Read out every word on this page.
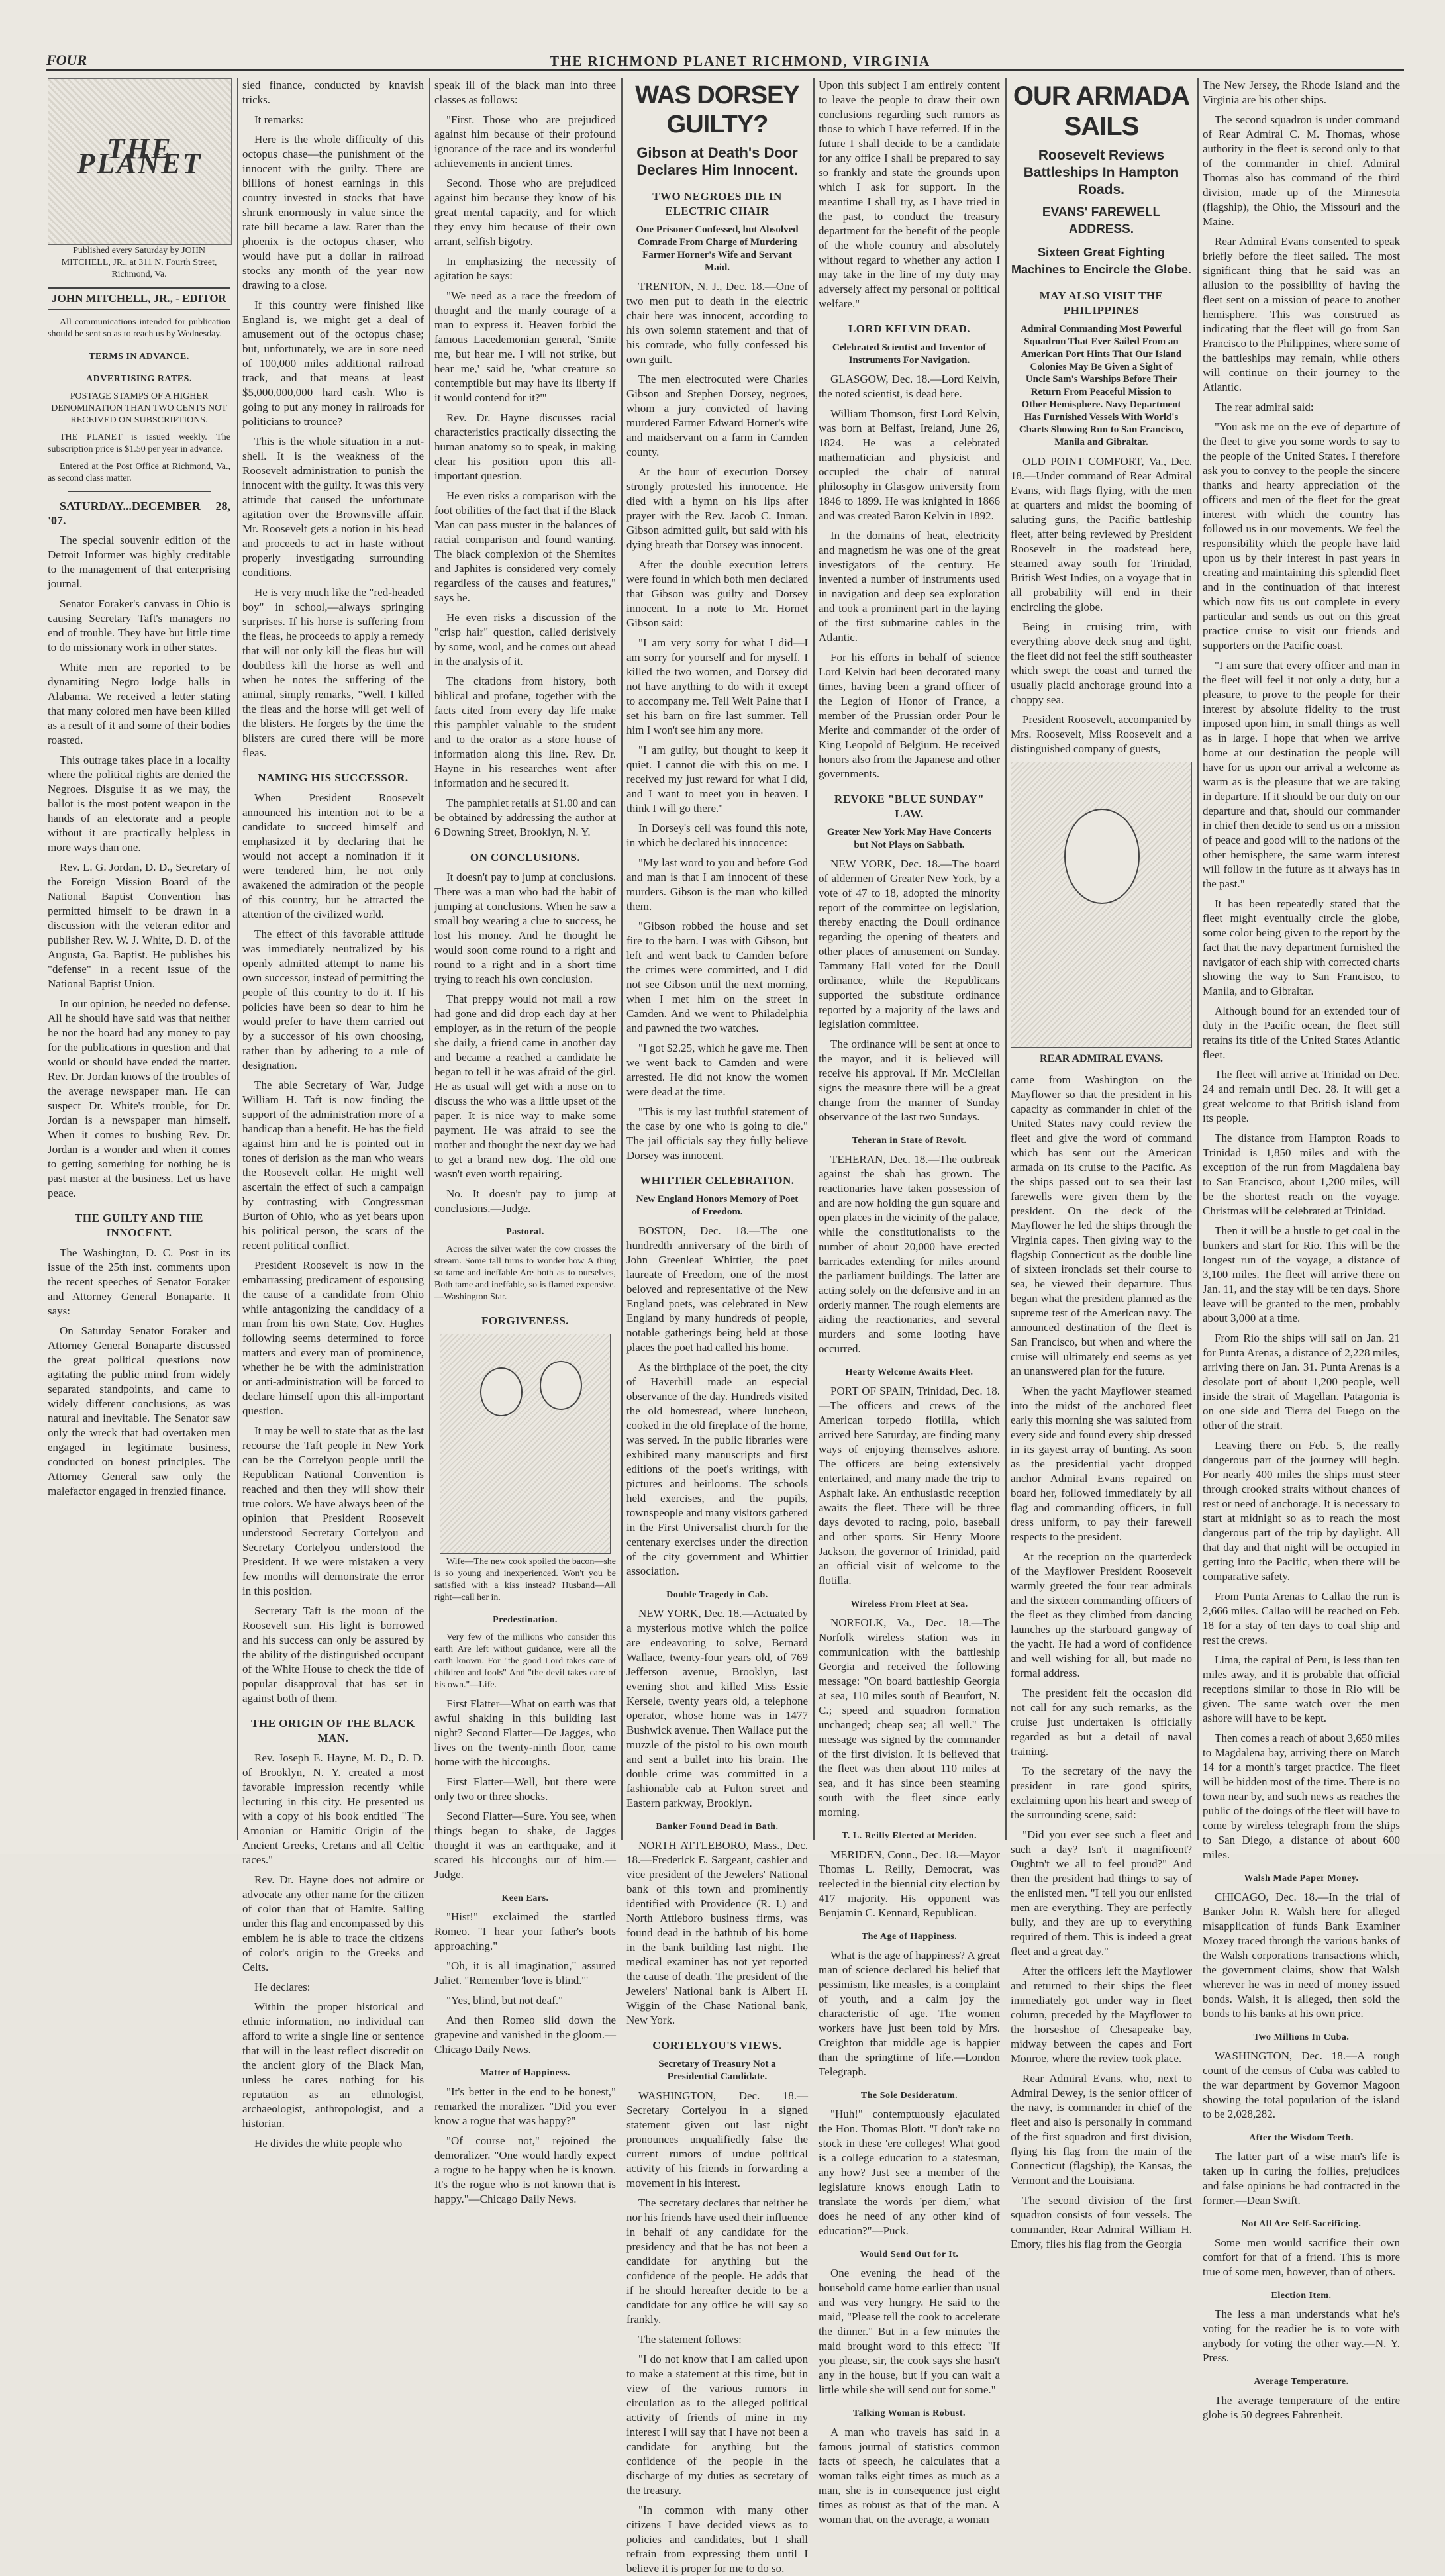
FOUR	THE RICHMOND PLANET RICHMOND, VIRGINIA
THE PLANET

Published every Saturday by JOHN MITCHELL, JR., at 311 N. Fourth Street, Richmond, Va.

JOHN MITCHELL, JR., - EDITOR

All communications intended for publication should be sent so as to reach us by Wednesday.

TERMS IN ADVANCE.
ADVERTISING RATES.

POSTAGE STAMPS OF A HIGHER DENOMINATION THAN TWO CENTS NOT RECEIVED ON SUBSCRIPTIONS.

THE PLANET is issued weekly. The subscription price is $1.50 per year in advance.

Entered at the Post Office at Richmond, Va., as second class matter.

SATURDAY...DECEMBER 28, '07.

The special souvenir edition of the Detroit Informer was highly creditable to the management of that enterprising journal.

Senator Foraker's canvass in Ohio is causing Secretary Taft's managers no end of trouble. They have but little time to do missionary work in other states.

White men are reported to be dynamiting Negro lodge halls in Alabama. We received a letter stating that many colored men have been killed as a result of it and some of their bodies roasted.

This outrage takes place in a locality where the political rights are denied the Negroes. Disguise it as we may, the ballot is the most potent weapon in the hands of an electorate and a people without it are practically helpless in more ways than one.

Rev. L. G. Jordan, D. D., Secretary of the Foreign Mission Board of the National Baptist Convention has permitted himself to be drawn in a discussion with the veteran editor and publisher Rev. W. J. White, D. D. of the Augusta, Ga. Baptist. He publishes his "defense" in a recent issue of the National Baptist Union.

In our opinion, he needed no defense. All he should have said was that neither he nor the board had any money to pay for the publications in question and that would or should have ended the matter. Rev. Dr. Jordan knows of the troubles of the average newspaper man. He can suspect Dr. White's trouble, for Dr. Jordan is a newspaper man himself. When it comes to bushing Rev. Dr. Jordan is a wonder and when it comes to getting something for nothing he is past master at the business. Let us have peace.

THE GUILTY AND THE INNOCENT.

The Washington, D. C. Post in its issue of the 25th inst. comments upon the recent speeches of Senator Foraker and Attorney General Bonaparte. It says:

On Saturday Senator Foraker and Attorney General Bonaparte discussed the great political questions now agitating the public mind from widely separated standpoints, and came to widely different conclusions, as was natural and inevitable. The Senator saw only the wreck that had overtaken men engaged in legitimate business, conducted on honest principles. The Attorney General saw only the malefactor engaged in frenzied finance.

sied finance, conducted by knavish tricks.

It remarks:

Here is the whole difficulty of this octopus chase—the punishment of the innocent with the guilty. There are billions of honest earnings in this country invested in stocks that have shrunk enormously in value since the rate bill became a law. Rarer than the phoenix is the octopus chaser, who would have put a dollar in railroad stocks any month of the year now drawing to a close.

If this country were finished like England is, we might get a deal of amusement out of the octopus chase; but, unfortunately, we are in sore need of 100,000 miles additional railroad track, and that means at least $5,000,000,000 hard cash. Who is going to put any money in railroads for politicians to trounce?

This is the whole situation in a nut-shell. It is the weakness of the Roosevelt administration to punish the innocent with the guilty. It was this very attitude that caused the unfortunate agitation over the Brownsville affair. Mr. Roosevelt gets a notion in his head and proceeds to act in haste without properly investigating surrounding conditions.

He is very much like the "red-headed boy" in school,—always springing surprises. If his horse is suffering from the fleas, he proceeds to apply a remedy that will not only kill the fleas but will doubtless kill the horse as well and when he notes the suffering of the animal, simply remarks, "Well, I killed the fleas and the horse will get well of the blisters. He forgets by the time the blisters are cured there will be more fleas.

NAMING HIS SUCCESSOR.

When President Roosevelt announced his intention not to be a candidate to succeed himself and emphasized it by declaring that he would not accept a nomination if it were tendered him, he not only awakened the admiration of the people of this country, but he attracted the attention of the civilized world.

The effect of this favorable attitude was immediately neutralized by his openly admitted attempt to name his own successor, instead of permitting the people of this country to do it. If his policies have been so dear to him he would prefer to have them carried out by a successor of his own choosing, rather than by adhering to a rule of designation.

The able Secretary of War, Judge William H. Taft is now finding the support of the administration more of a handicap than a benefit. He has the field against him and he is pointed out in tones of derision as the man who wears the Roosevelt collar. He might well ascertain the effect of such a campaign by contrasting with Congressman Burton of Ohio, who as yet bears upon his political person, the scars of the recent political conflict.

President Roosevelt is now in the embarrassing predicament of espousing the cause of a candidate from Ohio while antagonizing the candidacy of a man from his own State, Gov. Hughes following seems determined to force matters and every man of prominence, whether he be with the administration or anti-administration will be forced to declare himself upon this all-important question.

It may be well to state that as the last recourse the Taft people in New York can be the Cortelyou people until the Republican National Convention is reached and then they will show their true colors. We have always been of the opinion that President Roosevelt understood Secretary Cortelyou and Secretary Cortelyou understood the President. If we were mistaken a very few months will demonstrate the error in this position.

Secretary Taft is the moon of the Roosevelt sun. His light is borrowed and his success can only be assured by the ability of the distinguished occupant of the White House to check the tide of popular disapproval that has set in against both of them.

THE ORIGIN OF THE BLACK MAN.

Rev. Joseph E. Hayne, M. D., D. D. of Brooklyn, N. Y. created a most favorable impression recently while lecturing in this city. He presented us with a copy of his book entitled "The Amonian or Hamitic Origin of the Ancient Greeks, Cretans and all Celtic races."

Rev. Dr. Hayne does not admire or advocate any other name for the citizen of color than that of Hamite. Sailing under this flag and encompassed by this emblem he is able to trace the citizens of color's origin to the Greeks and Celts.

He declares:

Within the proper historical and ethnic information, no individual can afford to write a single line or sentence that will in the least reflect discredit on the ancient glory of the Black Man, unless he cares nothing for his reputation as an ethnologist, archaeologist, anthropologist, and a historian.

He divides the white people who

speak ill of the black man into three classes as follows:

"First. Those who are prejudiced against him because of their profound ignorance of the race and its wonderful achievements in ancient times.

Second. Those who are prejudiced against him because they know of his great mental capacity, and for which they envy him because of their own arrant, selfish bigotry.

In emphasizing the necessity of agitation he says:

"We need as a race the freedom of thought and the manly courage of a man to express it. Heaven forbid the famous Lacedemonian general, 'Smite me, but hear me. I will not strike, but hear me,' said he, 'what creature so contemptible but may have its liberty if it would contend for it?'"

Rev. Dr. Hayne discusses racial characteristics practically dissecting the human anatomy so to speak, in making clear his position upon this all-important question.

He even risks a comparison with the foot obilities of the fact that if the Black Man can pass muster in the balances of racial comparison and found wanting. The black complexion of the Shemites and Japhites is considered very comely regardless of the causes and features," says he.

He even risks a discussion of the "crisp hair" question, called derisively by some, wool, and he comes out ahead in the analysis of it.

The citations from history, both biblical and profane, together with the facts cited from every day life make this pamphlet valuable to the student and to the orator as a store house of information along this line. Rev. Dr. Hayne in his researches went after information and he secured it.

The pamphlet retails at $1.00 and can be obtained by addressing the author at 6 Downing Street, Brooklyn, N. Y.

ON CONCLUSIONS.

It doesn't pay to jump at conclusions. There was a man who had the habit of jumping at conclusions. When he saw a small boy wearing a clue to success, he lost his money. And he thought he would soon come round to a right and round to a right and in a short time trying to reach his own conclusion.

That preppy would not mail a row had gone and did drop each day at her employer, as in the return of the people she daily, a friend came in another day and became a reached a candidate he began to tell it he was afraid of the girl. He as usual will get with a nose on to discuss the who was a little upset of the paper. It is nice way to make some payment. He was afraid to see the mother and thought the next day we had to get a brand new dog. The old one wasn't even worth repairing.

No. It doesn't pay to jump at conclusions.—Judge.

Pastoral.

Across the silver water the cow crosses the stream. Some tall turns to wonder how A thing so tame and ineffable Are both as to ourselves, Both tame and ineffable, so is flamed expensive. —Washington Star.

FORGIVENESS.

Wife—The new cook spoiled the bacon—she is so young and inexperienced. Won't you be satisfied with a kiss instead? Husband—All right—call her in.

Predestination.

Very few of the millions who consider this earth Are left without guidance, were all the earth known. For "the good Lord takes care of children and fools" And "the devil takes care of his own."—Life.

First Flatter—What on earth was that awful shaking in this building last night? Second Flatter—De Jagges, who lives on the twenty-ninth floor, came home with the hiccoughs.

First Flatter—Well, but there were only two or three shocks.

Second Flatter—Sure. You see, when things began to shake, de Jagges thought it was an earthquake, and it scared his hiccoughs out of him.—Judge.

Keen Ears.

"Hist!" exclaimed the startled Romeo. "I hear your father's boots approaching."

"Oh, it is all imagination," assured Juliet. "Remember 'love is blind.'"

"Yes, blind, but not deaf."

And then Romeo slid down the grapevine and vanished in the gloom.—Chicago Daily News.

Matter of Happiness.

"It's better in the end to be honest," remarked the moralizer. "Did you ever know a rogue that was happy?"

"Of course not," rejoined the demoralizer. "One would hardly expect a rogue to be happy when he is known. It's the rogue who is not known that is happy."—Chicago Daily News.

WAS DORSEY GUILTY?
Gibson at Death's Door Declares Him Innocent.
TWO NEGROES DIE IN ELECTRIC CHAIR
One Prisoner Confessed, but Absolved Comrade From Charge of Murdering Farmer Horner's Wife and Servant Maid.

TRENTON, N. J., Dec. 18.—One of two men put to death in the electric chair here was innocent, according to his own solemn statement and that of his comrade, who fully confessed his own guilt.

The men electrocuted were Charles Gibson and Stephen Dorsey, negroes, whom a jury convicted of having murdered Farmer Edward Horner's wife and maidservant on a farm in Camden county.

At the hour of execution Dorsey strongly protested his innocence. He died with a hymn on his lips after prayer with the Rev. Jacob C. Inman. Gibson admitted guilt, but said with his dying breath that Dorsey was innocent.

After the double execution letters were found in which both men declared that Gibson was guilty and Dorsey innocent. In a note to Mr. Hornet Gibson said:

"I am very sorry for what I did—I am sorry for yourself and for myself. I killed the two women, and Dorsey did not have anything to do with it except to accompany me. Tell Welt Paine that I set his barn on fire last summer. Tell him I won't see him any more.

"I am guilty, but thought to keep it quiet. I cannot die with this on me. I received my just reward for what I did, and I want to meet you in heaven. I think I will go there."

In Dorsey's cell was found this note, in which he declared his innocence:

"My last word to you and before God and man is that I am innocent of these murders. Gibson is the man who killed them.

"Gibson robbed the house and set fire to the barn. I was with Gibson, but left and went back to Camden before the crimes were committed, and I did not see Gibson until the next morning, when I met him on the street in Camden. And we went to Philadelphia and pawned the two watches.

"I got $2.25, which he gave me. Then we went back to Camden and were arrested. He did not know the women were dead at the time.

"This is my last truthful statement of the case by one who is going to die." The jail officials say they fully believe Dorsey was innocent.

WHITTIER CELEBRATION.
New England Honors Memory of Poet of Freedom.

BOSTON, Dec. 18.—The one hundredth anniversary of the birth of John Greenleaf Whittier, the poet laureate of Freedom, one of the most beloved and representative of the New England poets, was celebrated in New England by many hundreds of people, notable gatherings being held at those places the poet had called his home.

As the birthplace of the poet, the city of Haverhill made an especial observance of the day. Hundreds visited the old homestead, where luncheon, cooked in the old fireplace of the home, was served. In the public libraries were exhibited many manuscripts and first editions of the poet's writings, with pictures and heirlooms. The schools held exercises, and the pupils, townspeople and many visitors gathered in the First Universalist church for the centenary exercises under the direction of the city government and Whittier association.

Double Tragedy in Cab.

NEW YORK, Dec. 18.—Actuated by a mysterious motive which the police are endeavoring to solve, Bernard Wallace, twenty-four years old, of 769 Jefferson avenue, Brooklyn, last evening shot and killed Miss Essie Kersele, twenty years old, a telephone operator, whose home was in 1477 Bushwick avenue. Then Wallace put the muzzle of the pistol to his own mouth and sent a bullet into his brain. The double crime was committed in a fashionable cab at Fulton street and Eastern parkway, Brooklyn.

Banker Found Dead in Bath.

NORTH ATTLEBORO, Mass., Dec. 18.—Frederick E. Sargeant, cashier and vice president of the Jewelers' National bank of this town and prominently identified with Providence (R. I.) and North Attleboro business firms, was found dead in the bathtub of his home in the bank building last night. The medical examiner has not yet reported the cause of death. The president of the Jewelers' National bank is Albert H. Wiggin of the Chase National bank, New York.

CORTELYOU'S VIEWS.
Secretary of Treasury Not a Presidential Candidate.

WASHINGTON, Dec. 18.—Secretary Cortelyou in a signed statement given out last night pronounces unqualifiedly false the current rumors of undue political activity of his friends in forwarding a movement in his interest.

The secretary declares that neither he nor his friends have used their influence in behalf of any candidate for the presidency and that he has not been a candidate for anything but the confidence of the people. He adds that if he should hereafter decide to be a candidate for any office he will say so frankly.

The statement follows:

"I do not know that I am called upon to make a statement at this time, but in view of the various rumors in circulation as to the alleged political activity of friends of mine in my interest I will say that I have not been a candidate for anything but the confidence of the people in the discharge of my duties as secretary of the treasury.

"In common with many other citizens I have decided views as to policies and candidates, but I shall refrain from expressing them until I believe it is proper for me to do so.

Upon this subject I am entirely content to leave the people to draw their own conclusions regarding such rumors as those to which I have referred. If in the future I shall decide to be a candidate for any office I shall be prepared to say so frankly and state the grounds upon which I ask for support. In the meantime I shall try, as I have tried in the past, to conduct the treasury department for the benefit of the people of the whole country and absolutely without regard to whether any action I may take in the line of my duty may adversely affect my personal or political welfare."

LORD KELVIN DEAD.
Celebrated Scientist and Inventor of Instruments For Navigation.

GLASGOW, Dec. 18.—Lord Kelvin, the noted scientist, is dead here.

William Thomson, first Lord Kelvin, was born at Belfast, Ireland, June 26, 1824. He was a celebrated mathematician and physicist and occupied the chair of natural philosophy in Glasgow university from 1846 to 1899. He was knighted in 1866 and was created Baron Kelvin in 1892.

In the domains of heat, electricity and magnetism he was one of the great investigators of the century. He invented a number of instruments used in navigation and deep sea exploration and took a prominent part in the laying of the first submarine cables in the Atlantic.

For his efforts in behalf of science Lord Kelvin had been decorated many times, having been a grand officer of the Legion of Honor of France, a member of the Prussian order Pour le Merite and commander of the order of King Leopold of Belgium. He received honors also from the Japanese and other governments.

REVOKE "BLUE SUNDAY" LAW.
Greater New York May Have Concerts but Not Plays on Sabbath.

NEW YORK, Dec. 18.—The board of aldermen of Greater New York, by a vote of 47 to 18, adopted the minority report of the committee on legislation, thereby enacting the Doull ordinance regarding the opening of theaters and other places of amusement on Sunday. Tammany Hall voted for the Doull ordinance, while the Republicans supported the substitute ordinance reported by a majority of the laws and legislation committee.

The ordinance will be sent at once to the mayor, and it is believed will receive his approval. If Mr. McClellan signs the measure there will be a great change from the manner of Sunday observance of the last two Sundays.

Teheran in State of Revolt.

TEHERAN, Dec. 18.—The outbreak against the shah has grown. The reactionaries have taken possession of and are now holding the gun square and open places in the vicinity of the palace, while the constitutionalists to the number of about 20,000 have erected barricades extending for miles around the parliament buildings. The latter are acting solely on the defensive and in an orderly manner. The rough elements are aiding the reactionaries, and several murders and some looting have occurred.

Hearty Welcome Awaits Fleet.

PORT OF SPAIN, Trinidad, Dec. 18.—The officers and crews of the American torpedo flotilla, which arrived here Saturday, are finding many ways of enjoying themselves ashore. The officers are being extensively entertained, and many made the trip to Asphalt lake. An enthusiastic reception awaits the fleet. There will be three days devoted to racing, polo, baseball and other sports. Sir Henry Moore Jackson, the governor of Trinidad, paid an official visit of welcome to the flotilla.

Wireless From Fleet at Sea.

NORFOLK, Va., Dec. 18.—The Norfolk wireless station was in communication with the battleship Georgia and received the following message: "On board battleship Georgia at sea, 110 miles south of Beaufort, N. C.; speed and squadron formation unchanged; cheap sea; all well." The message was signed by the commander of the first division. It is believed that the fleet was then about 110 miles at sea, and it has since been steaming south with the fleet since early morning.

T. L. Reilly Elected at Meriden.

MERIDEN, Conn., Dec. 18.—Mayor Thomas L. Reilly, Democrat, was reelected in the biennial city election by 417 majority. His opponent was Benjamin C. Kennard, Republican.

The Age of Happiness.

What is the age of happiness? A great man of science declared his belief that pessimism, like measles, is a complaint of youth, and a calm joy the characteristic of age. The women workers have just been told by Mrs. Creighton that middle age is happier than the springtime of life.—London Telegraph.

The Sole Desideratum.

"Huh!" contemptuously ejaculated the Hon. Thomas Blott. "I don't take no stock in these 'ere colleges! What good is a college education to a statesman, any how? Just see a member of the legislature knows enough Latin to translate the words 'per diem,' what does he need of any other kind of education?"—Puck.

Would Send Out for It.

One evening the head of the household came home earlier than usual and was very hungry. He said to the maid, "Please tell the cook to accelerate the dinner." But in a few minutes the maid brought word to this effect: "If you please, sir, the cook says she hasn't any in the house, but if you can wait a little while she will send out for some."

Talking Woman is Robust.

A man who travels has said in a famous journal of statistics common facts of speech, he calculates that a woman talks eight times as much as a man, she is in consequence just eight times as robust as that of the man. A woman that, on the average, a woman

OUR ARMADA SAILS
Roosevelt Reviews Battleships In Hampton Roads.
EVANS' FAREWELL ADDRESS.
Sixteen Great Fighting Machines to Encircle the Globe.
MAY ALSO VISIT THE PHILIPPINES
Admiral Commanding Most Powerful Squadron That Ever Sailed From an American Port Hints That Our Island Colonies May Be Given a Sight of Uncle Sam's Warships Before Their Return From Peaceful Mission to Other Hemisphere. Navy Department Has Furnished Vessels With World's Charts Showing Run to San Francisco, Manila and Gibraltar.

OLD POINT COMFORT, Va., Dec. 18.—Under command of Rear Admiral Evans, with flags flying, with the men at quarters and midst the booming of saluting guns, the Pacific battleship fleet, after being reviewed by President Roosevelt in the roadstead here, steamed away south for Trinidad, British West Indies, on a voyage that in all probability will end in their encircling the globe.

Being in cruising trim, with everything above deck snug and tight, the fleet did not feel the stiff southeaster which swept the coast and turned the usually placid anchorage ground into a choppy sea.

President Roosevelt, accompanied by Mrs. Roosevelt, Miss Roosevelt and a distinguished company of guests,

REAR ADMIRAL EVANS.

came from Washington on the Mayflower so that the president in his capacity as commander in chief of the United States navy could review the fleet and give the word of command which has sent out the American armada on its cruise to the Pacific. As the ships passed out to sea their last farewells were given them by the president. On the deck of the Mayflower he led the ships through the Virginia capes. Then giving way to the flagship Connecticut as the double line of sixteen ironclads set their course to sea, he viewed their departure. Thus began what the president planned as the supreme test of the American navy. The announced destination of the fleet is San Francisco, but when and where the cruise will ultimately end seems as yet an unanswered plan for the future.

When the yacht Mayflower steamed into the midst of the anchored fleet early this morning she was saluted from every side and found every ship dressed in its gayest array of bunting. As soon as the presidential yacht dropped anchor Admiral Evans repaired on board her, followed immediately by all flag and commanding officers, in full dress uniform, to pay their farewell respects to the president.

At the reception on the quarterdeck of the Mayflower President Roosevelt warmly greeted the four rear admirals and the sixteen commanding officers of the fleet as they climbed from dancing launches up the starboard gangway of the yacht. He had a word of confidence and well wishing for all, but made no formal address.

The president felt the occasion did not call for any such remarks, as the cruise just undertaken is officially regarded as but a detail of naval training.

To the secretary of the navy the president in rare good spirits, exclaiming upon his heart and sweep of the surrounding scene, said:

"Did you ever see such a fleet and such a day? Isn't it magnificent? Oughtn't we all to feel proud?" And then the president had things to say of the enlisted men. "I tell you our enlisted men are everything. They are perfectly bully, and they are up to everything required of them. This is indeed a great fleet and a great day."

After the officers left the Mayflower and returned to their ships the fleet immediately got under way in fleet column, preceded by the Mayflower to the horseshoe of Chesapeake bay, midway between the capes and Fort Monroe, where the review took place.

Rear Admiral Evans, who, next to Admiral Dewey, is the senior officer of the navy, is commander in chief of the fleet and also is personally in command of the first squadron and first division, flying his flag from the main of the Connecticut (flagship), the Kansas, the Vermont and the Louisiana.

The second division of the first squadron consists of four vessels. The commander, Rear Admiral William H. Emory, flies his flag from the Georgia

The New Jersey, the Rhode Island and the Virginia are his other ships.

The second squadron is under command of Rear Admiral C. M. Thomas, whose authority in the fleet is second only to that of the commander in chief. Admiral Thomas also has command of the third division, made up of the Minnesota (flagship), the Ohio, the Missouri and the Maine.

Rear Admiral Evans consented to speak briefly before the fleet sailed. The most significant thing that he said was an allusion to the possibility of having the fleet sent on a mission of peace to another hemisphere. This was construed as indicating that the fleet will go from San Francisco to the Philippines, where some of the battleships may remain, while others will continue on their journey to the Atlantic.

The rear admiral said:

"You ask me on the eve of departure of the fleet to give you some words to say to the people of the United States. I therefore ask you to convey to the people the sincere thanks and hearty appreciation of the officers and men of the fleet for the great interest with which the country has followed us in our movements. We feel the responsibility which the people have laid upon us by their interest in past years in creating and maintaining this splendid fleet and in the continuation of that interest which now fits us out complete in every particular and sends us out on this great practice cruise to visit our friends and supporters on the Pacific coast.

"I am sure that every officer and man in the fleet will feel it not only a duty, but a pleasure, to prove to the people for their interest by absolute fidelity to the trust imposed upon him, in small things as well as in large. I hope that when we arrive home at our destination the people will have for us upon our arrival a welcome as warm as is the pleasure that we are taking in departure. If it should be our duty on our departure and that, should our commander in chief then decide to send us on a mission of peace and good will to the nations of the other hemisphere, the same warm interest will follow in the future as it always has in the past."

It has been repeatedly stated that the fleet might eventually circle the globe, some color being given to the report by the fact that the navy department furnished the navigator of each ship with corrected charts showing the way to San Francisco, to Manila, and to Gibraltar.

Although bound for an extended tour of duty in the Pacific ocean, the fleet still retains its title of the United States Atlantic fleet.

The fleet will arrive at Trinidad on Dec. 24 and remain until Dec. 28. It will get a great welcome to that British island from its people.

The distance from Hampton Roads to Trinidad is 1,850 miles and with the exception of the run from Magdalena bay to San Francisco, about 1,200 miles, will be the shortest reach on the voyage. Christmas will be celebrated at Trinidad.

Then it will be a hustle to get coal in the bunkers and start for Rio. This will be the longest run of the voyage, a distance of 3,100 miles. The fleet will arrive there on Jan. 11, and the stay will be ten days. Shore leave will be granted to the men, probably about 3,000 at a time.

From Rio the ships will sail on Jan. 21 for Punta Arenas, a distance of 2,228 miles, arriving there on Jan. 31. Punta Arenas is a desolate port of about 1,200 people, well inside the strait of Magellan. Patagonia is on one side and Tierra del Fuego on the other of the strait.

Leaving there on Feb. 5, the really dangerous part of the journey will begin. For nearly 400 miles the ships must steer through crooked straits without chances of rest or need of anchorage. It is necessary to start at midnight so as to reach the most dangerous part of the trip by daylight. All that day and that night will be occupied in getting into the Pacific, when there will be comparative safety.

From Punta Arenas to Callao the run is 2,666 miles. Callao will be reached on Feb. 18 for a stay of ten days to coal ship and rest the crews.

Lima, the capital of Peru, is less than ten miles away, and it is probable that official receptions similar to those in Rio will be given. The same watch over the men ashore will have to be kept.

Then comes a reach of about 3,650 miles to Magdalena bay, arriving there on March 14 for a month's target practice. The fleet will be hidden most of the time. There is no town near by, and such news as reaches the public of the doings of the fleet will have to come by wireless telegraph from the ships to San Diego, a distance of about 600 miles.

Walsh Made Paper Money.

CHICAGO, Dec. 18.—In the trial of Banker John R. Walsh here for alleged misapplication of funds Bank Examiner Moxey traced through the various banks of the Walsh corporations transactions which, the government claims, show that Walsh wherever he was in need of money issued bonds. Walsh, it is alleged, then sold the bonds to his banks at his own price.

Two Millions In Cuba.

WASHINGTON, Dec. 18.—A rough count of the census of Cuba was cabled to the war department by Governor Magoon showing the total population of the island to be 2,028,282.

After the Wisdom Teeth.

The latter part of a wise man's life is taken up in curing the follies, prejudices and false opinions he had contracted in the former.—Dean Swift.

Not All Are Self-Sacrificing.

Some men would sacrifice their own comfort for that of a friend. This is more true of some men, however, than of others.

Election Item.

The less a man understands what he's voting for the readier he is to vote with anybody for voting the other way.—N. Y. Press.

Average Temperature.

The average temperature of the entire globe is 50 degrees Fahrenheit.
